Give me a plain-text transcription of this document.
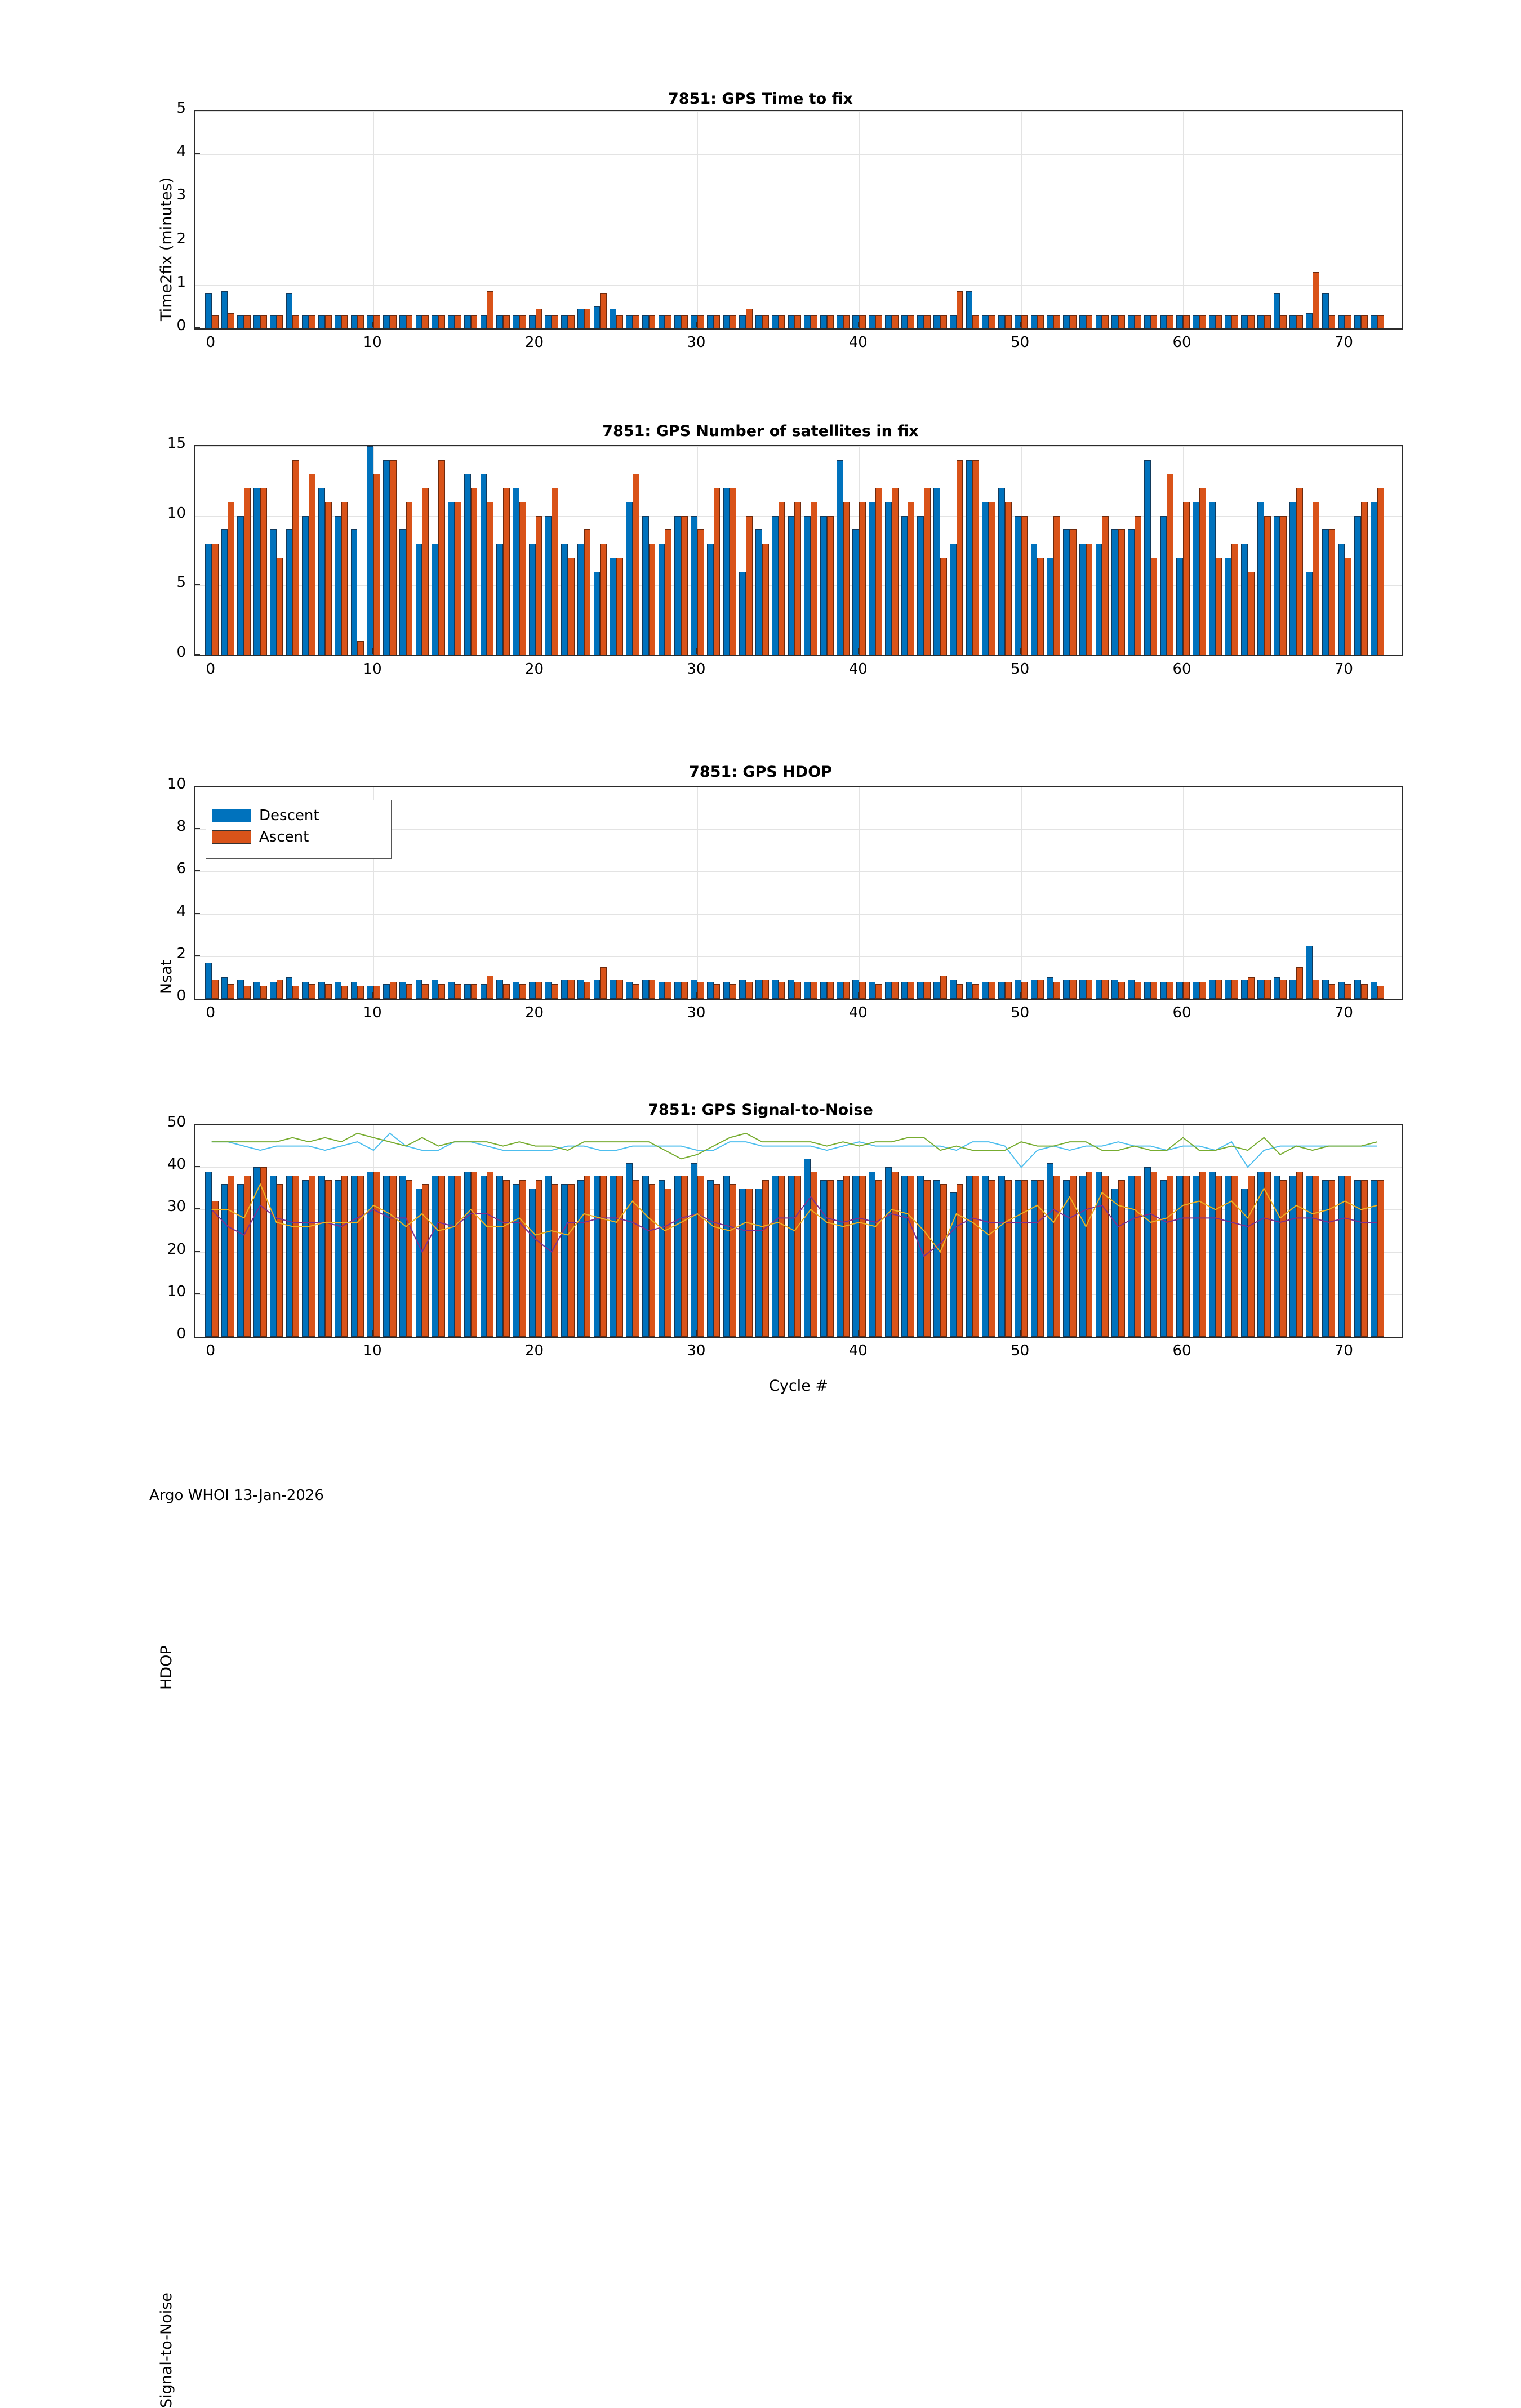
7851: GPS Time to fix
Time2fix (minutes)
0
1
2
3
4
5
0	10	20	30	40	50	60	70
7851: GPS Number of satellites in fix
Nsat
0
5
10
15
0	10	20	30	40	50	60	70
7851: GPS HDOP
HDOP
Descent
Ascent
0
2
4
6
8
10
0	10	20	30	40	50	60	70
7851: GPS Signal-to-Noise
Signal-to-Noise
Cycle #
0
10
20
30
40
50
0	10	20	30	40	50	60	70
Argo WHOI 13-Jan-2026
